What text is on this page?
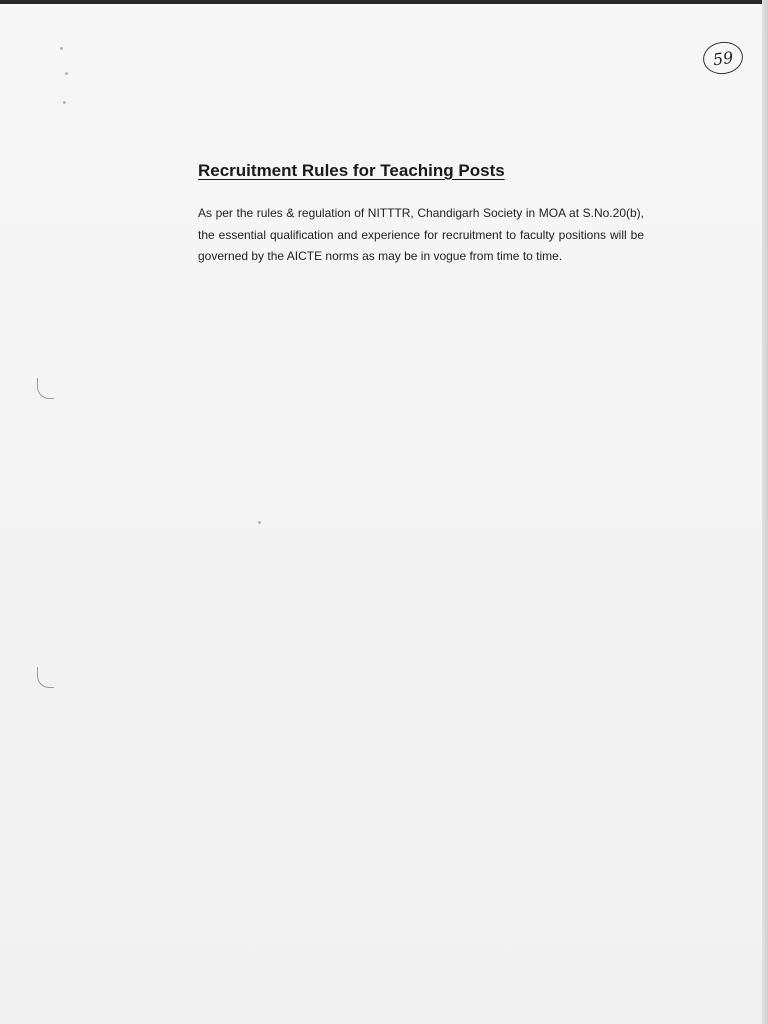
59
Recruitment Rules for Teaching Posts

As per the rules & regulation of NITTTR, Chandigarh Society in MOA at S.No.20(b), the essential qualification and experience for recruitment to faculty positions will be governed by the AICTE norms as may be in vogue from time to time.
